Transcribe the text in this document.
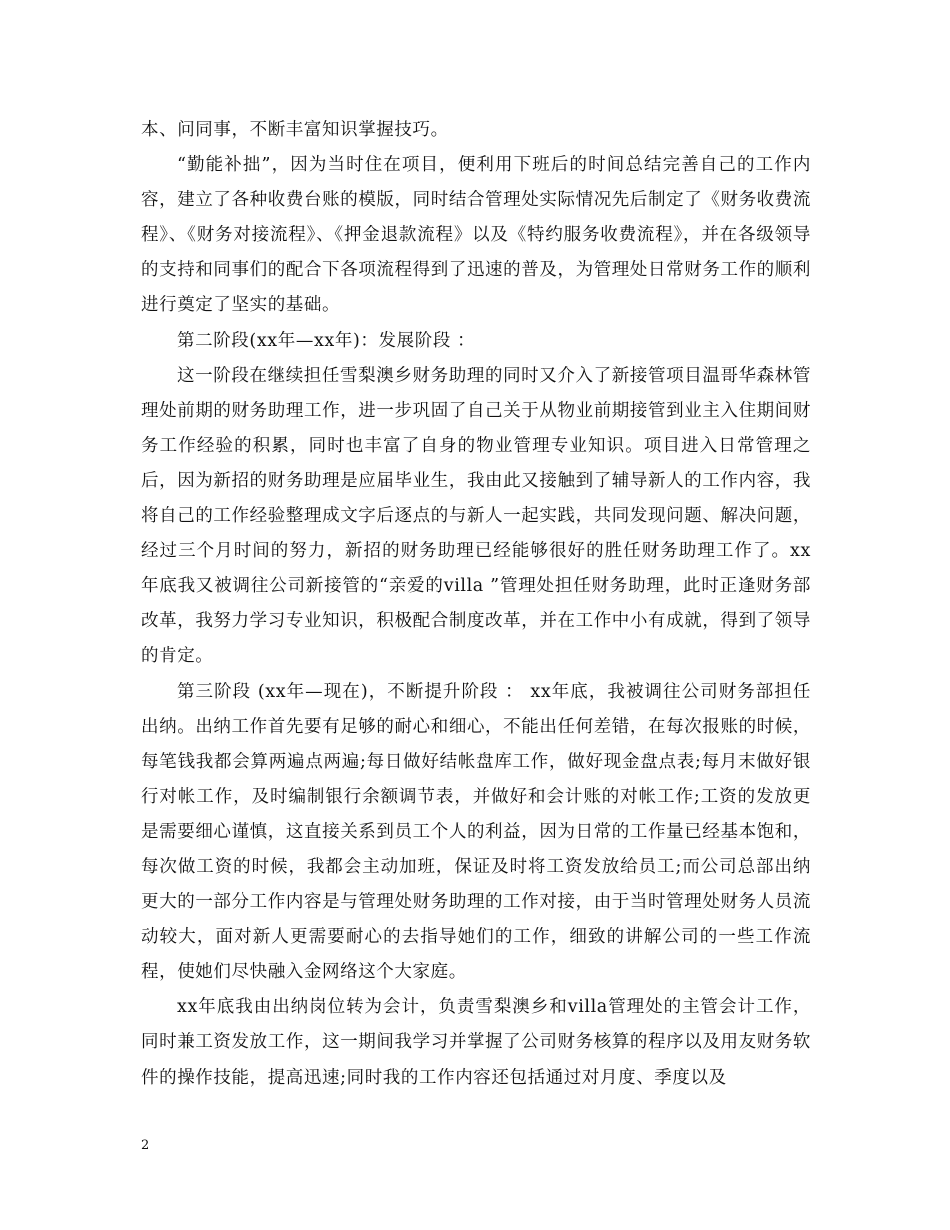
本、问同事，不断丰富知识掌握技巧。

“勤能补拙”，因为当时住在项目，便利用下班后的时间总结完善自己的工作内容，建立了各种收费台账的模版，同时结合管理处实际情况先后制定了《财务收费流程》、《财务对接流程》、《押金退款流程》以及《特约服务收费流程》，并在各级领导的支持和同事们的配合下各项流程得到了迅速的普及，为管理处日常财务工作的顺利进行奠定了坚实的基础。

第二阶段(xx年—xx年)：发展阶段 ：

这一阶段在继续担任雪梨澳乡财务助理的同时又介入了新接管项目温哥华森林管理处前期的财务助理工作，进一步巩固了自己关于从物业前期接管到业主入住期间财务工作经验的积累，同时也丰富了自身的物业管理专业知识。项目进入日常管理之后，因为新招的财务助理是应届毕业生，我由此又接触到了辅导新人的工作内容，我将自己的工作经验整理成文字后逐点的与新人一起实践，共同发现问题、解决问题，经过三个月时间的努力，新招的财务助理已经能够很好的胜任财务助理工作了。xx年底我又被调往公司新接管的“亲爱的villa ”管理处担任财务助理，此时正逢财务部改革，我努力学习专业知识，积极配合制度改革，并在工作中小有成就，得到了领导的肯定。

第三阶段 (xx年—现在)，不断提升阶段 ： xx年底，我被调往公司财务部担任出纳。出纳工作首先要有足够的耐心和细心，不能出任何差错，在每次报账的时候，每笔钱我都会算两遍点两遍;每日做好结帐盘库工作，做好现金盘点表;每月末做好银行对帐工作，及时编制银行余额调节表，并做好和会计账的对帐工作;工资的发放更是需要细心谨慎，这直接关系到员工个人的利益，因为日常的工作量已经基本饱和，每次做工资的时候，我都会主动加班，保证及时将工资发放给员工;而公司总部出纳更大的一部分工作内容是与管理处财务助理的工作对接，由于当时管理处财务人员流动较大，面对新人更需要耐心的去指导她们的工作，细致的讲解公司的一些工作流程，使她们尽快融入金网络这个大家庭。

xx年底我由出纳岗位转为会计，负责雪梨澳乡和villa管理处的主管会计工作，同时兼工资发放工作，这一期间我学习并掌握了公司财务核算的程序以及用友财务软件的操作技能，提高迅速;同时我的工作内容还包括通过对月度、季度以及

2
